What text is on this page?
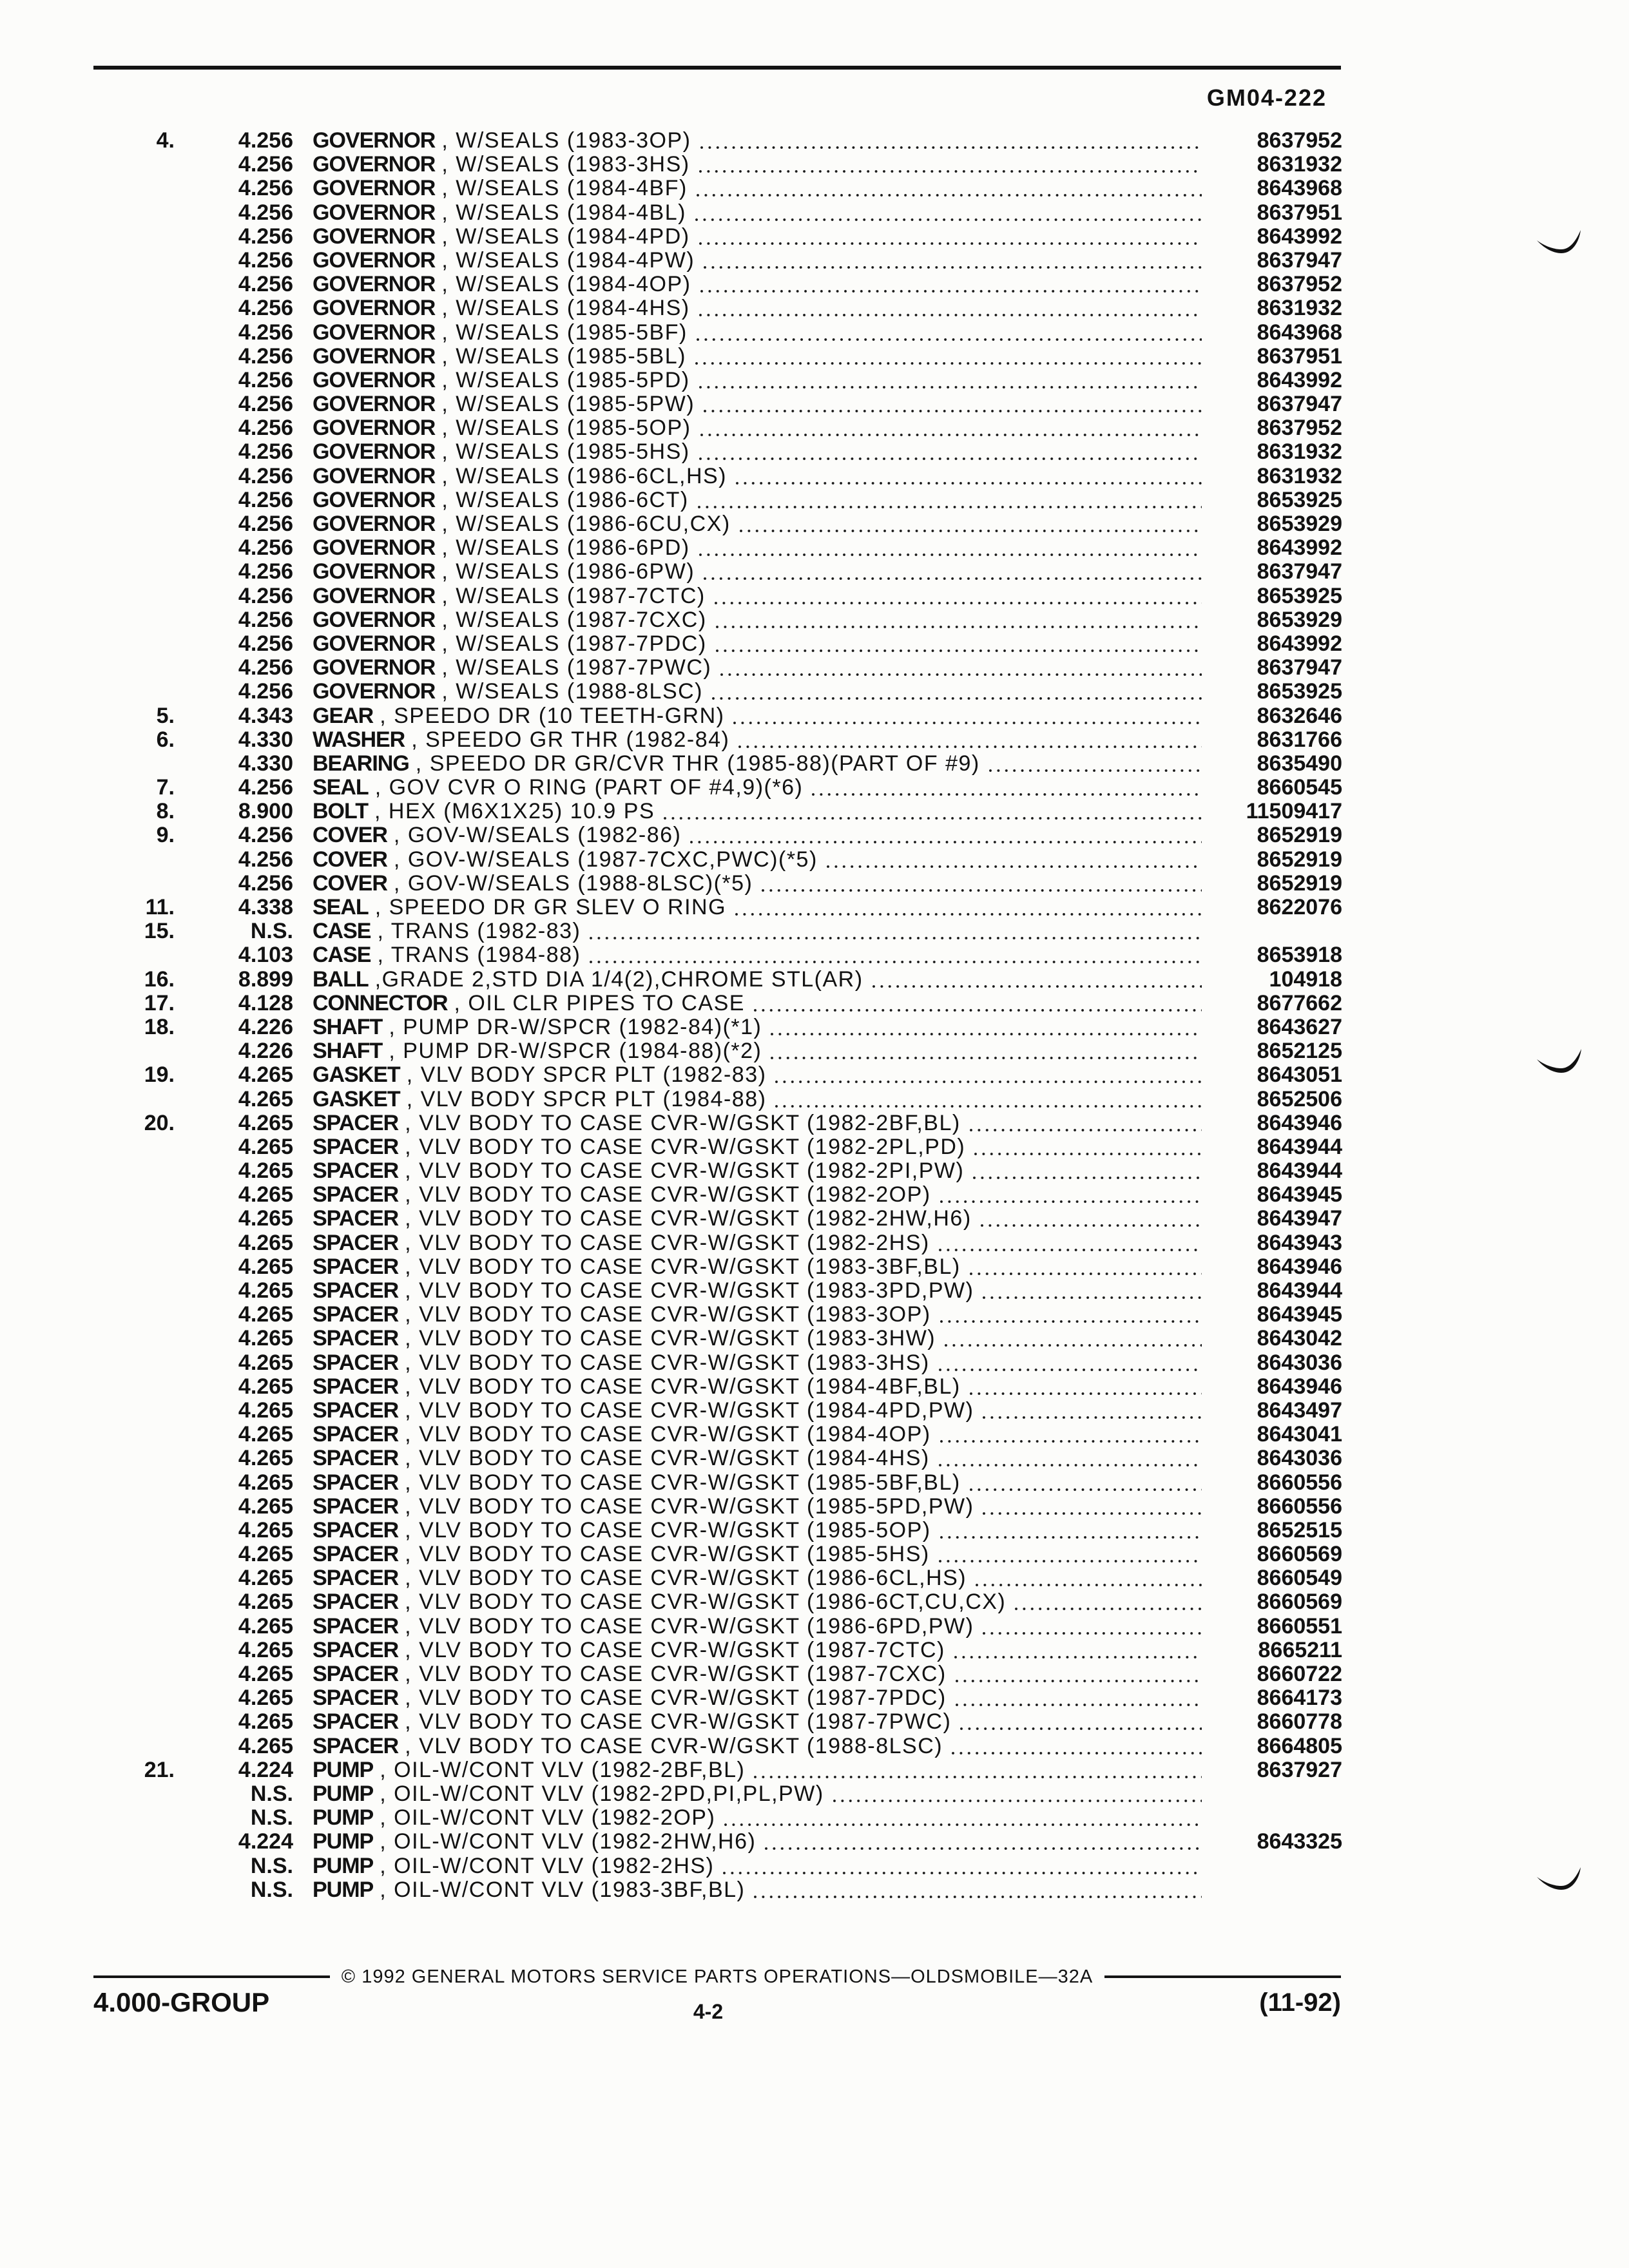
GM04-222
4.	4.256 GOVERNOR , W/SEALS (1983-3OP)	8637952
4.256 GOVERNOR , W/SEALS (1983-3HS)	8631932
4.256 GOVERNOR , W/SEALS (1984-4BF)	8643968
4.256 GOVERNOR , W/SEALS (1984-4BL)	8637951
4.256 GOVERNOR , W/SEALS (1984-4PD)	8643992
4.256 GOVERNOR , W/SEALS (1984-4PW)	8637947
4.256 GOVERNOR , W/SEALS (1984-4OP)	8637952
4.256 GOVERNOR , W/SEALS (1984-4HS)	8631932
4.256 GOVERNOR , W/SEALS (1985-5BF)	8643968
4.256 GOVERNOR , W/SEALS (1985-5BL)	8637951
4.256 GOVERNOR , W/SEALS (1985-5PD)	8643992
4.256 GOVERNOR , W/SEALS (1985-5PW)	8637947
4.256 GOVERNOR , W/SEALS (1985-5OP)	8637952
4.256 GOVERNOR , W/SEALS (1985-5HS)	8631932
4.256 GOVERNOR , W/SEALS (1986-6CL,HS)	8631932
4.256 GOVERNOR , W/SEALS (1986-6CT)	8653925
4.256 GOVERNOR , W/SEALS (1986-6CU,CX)	8653929
4.256 GOVERNOR , W/SEALS (1986-6PD)	8643992
4.256 GOVERNOR , W/SEALS (1986-6PW)	8637947
4.256 GOVERNOR , W/SEALS (1987-7CTC)	8653925
4.256 GOVERNOR , W/SEALS (1987-7CXC)	8653929
4.256 GOVERNOR , W/SEALS (1987-7PDC)	8643992
4.256 GOVERNOR , W/SEALS (1987-7PWC)	8637947
4.256 GOVERNOR , W/SEALS (1988-8LSC)	8653925
5.	4.343 GEAR , SPEEDO DR (10 TEETH-GRN)	8632646
6.	4.330 WASHER , SPEEDO GR THR (1982-84)	8631766
4.330 BEARING , SPEEDO DR GR/CVR THR (1985-88)(PART OF #9)	8635490
7.	4.256 SEAL , GOV CVR O RING (PART OF #4,9)(*6)	8660545
8.	8.900 BOLT , HEX (M6X1X25) 10.9 PS	11509417
9.	4.256 COVER , GOV-W/SEALS (1982-86)	8652919
4.256 COVER , GOV-W/SEALS (1987-7CXC,PWC)(*5)	8652919
4.256 COVER , GOV-W/SEALS (1988-8LSC)(*5)	8652919
11.	4.338 SEAL , SPEEDO DR GR SLEV O RING	8622076
15.	N.S. CASE , TRANS (1982-83)
4.103 CASE , TRANS (1984-88)	8653918
16.	8.899 BALL ,GRADE 2,STD DIA 1/4(2),CHROME STL(AR)	104918
17.	4.128 CONNECTOR , OIL CLR PIPES TO CASE	8677662
18.	4.226 SHAFT , PUMP DR-W/SPCR (1982-84)(*1)	8643627
4.226 SHAFT , PUMP DR-W/SPCR (1984-88)(*2)	8652125
19.	4.265 GASKET , VLV BODY SPCR PLT (1982-83)	8643051
4.265 GASKET , VLV BODY SPCR PLT (1984-88)	8652506
20.	4.265 SPACER , VLV BODY TO CASE CVR-W/GSKT (1982-2BF,BL)	8643946
4.265 SPACER , VLV BODY TO CASE CVR-W/GSKT (1982-2PL,PD)	8643944
4.265 SPACER , VLV BODY TO CASE CVR-W/GSKT (1982-2PI,PW)	8643944
4.265 SPACER , VLV BODY TO CASE CVR-W/GSKT (1982-2OP)	8643945
4.265 SPACER , VLV BODY TO CASE CVR-W/GSKT (1982-2HW,H6)	8643947
4.265 SPACER , VLV BODY TO CASE CVR-W/GSKT (1982-2HS)	8643943
4.265 SPACER , VLV BODY TO CASE CVR-W/GSKT (1983-3BF,BL)	8643946
4.265 SPACER , VLV BODY TO CASE CVR-W/GSKT (1983-3PD,PW)	8643944
4.265 SPACER , VLV BODY TO CASE CVR-W/GSKT (1983-3OP)	8643945
4.265 SPACER , VLV BODY TO CASE CVR-W/GSKT (1983-3HW)	8643042
4.265 SPACER , VLV BODY TO CASE CVR-W/GSKT (1983-3HS)	8643036
4.265 SPACER , VLV BODY TO CASE CVR-W/GSKT (1984-4BF,BL)	8643946
4.265 SPACER , VLV BODY TO CASE CVR-W/GSKT (1984-4PD,PW)	8643497
4.265 SPACER , VLV BODY TO CASE CVR-W/GSKT (1984-4OP)	8643041
4.265 SPACER , VLV BODY TO CASE CVR-W/GSKT (1984-4HS)	8643036
4.265 SPACER , VLV BODY TO CASE CVR-W/GSKT (1985-5BF,BL)	8660556
4.265 SPACER , VLV BODY TO CASE CVR-W/GSKT (1985-5PD,PW)	8660556
4.265 SPACER , VLV BODY TO CASE CVR-W/GSKT (1985-5OP)	8652515
4.265 SPACER , VLV BODY TO CASE CVR-W/GSKT (1985-5HS)	8660569
4.265 SPACER , VLV BODY TO CASE CVR-W/GSKT (1986-6CL,HS)	8660549
4.265 SPACER , VLV BODY TO CASE CVR-W/GSKT (1986-6CT,CU,CX)	8660569
4.265 SPACER , VLV BODY TO CASE CVR-W/GSKT (1986-6PD,PW)	8660551
4.265 SPACER , VLV BODY TO CASE CVR-W/GSKT (1987-7CTC)	8665211
4.265 SPACER , VLV BODY TO CASE CVR-W/GSKT (1987-7CXC)	8660722
4.265 SPACER , VLV BODY TO CASE CVR-W/GSKT (1987-7PDC)	8664173
4.265 SPACER , VLV BODY TO CASE CVR-W/GSKT (1987-7PWC)	8660778
4.265 SPACER , VLV BODY TO CASE CVR-W/GSKT (1988-8LSC)	8664805
21.	4.224 PUMP , OIL-W/CONT VLV (1982-2BF,BL)	8637927
N.S. PUMP , OIL-W/CONT VLV (1982-2PD,PI,PL,PW)
N.S. PUMP , OIL-W/CONT VLV (1982-2OP)
4.224 PUMP , OIL-W/CONT VLV (1982-2HW,H6)	8643325
N.S. PUMP , OIL-W/CONT VLV (1982-2HS)
N.S. PUMP , OIL-W/CONT VLV (1983-3BF,BL)
© 1992 GENERAL MOTORS SERVICE PARTS OPERATIONS—OLDSMOBILE—32A
4.000-GROUP	4-2	(11-92)
